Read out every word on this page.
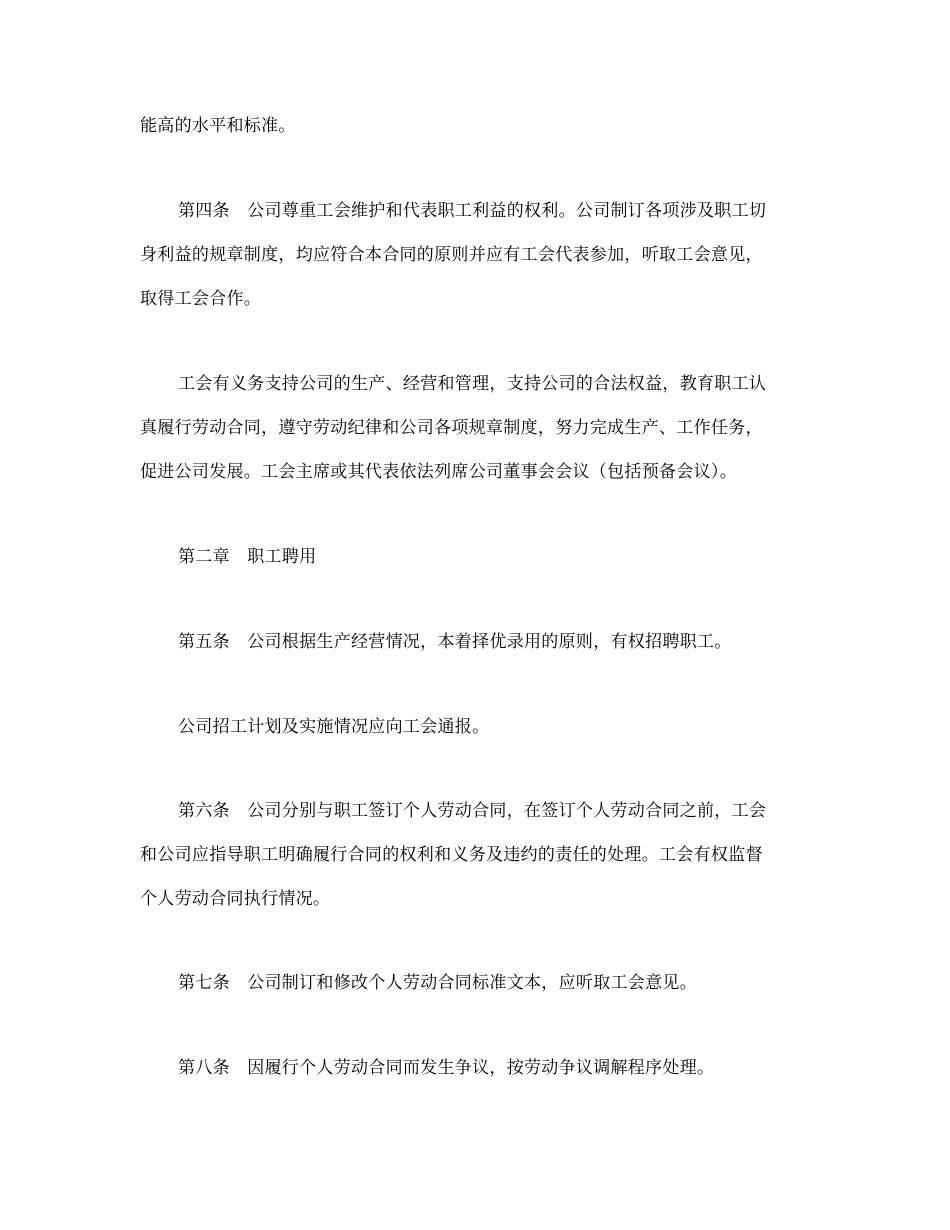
能高的水平和标准。
第四条　公司尊重工会维护和代表职工利益的权利。公司制订各项涉及职工切
身利益的规章制度，均应符合本合同的原则并应有工会代表参加，听取工会意见，
取得工会合作。
工会有义务支持公司的生产、经营和管理，支持公司的合法权益，教育职工认
真履行劳动合同，遵守劳动纪律和公司各项规章制度，努力完成生产、工作任务，
促进公司发展。工会主席或其代表依法列席公司董事会会议（包括预备会议）。
第二章　职工聘用
第五条　公司根据生产经营情况，本着择优录用的原则，有权招聘职工。
公司招工计划及实施情况应向工会通报。
第六条　公司分别与职工签订个人劳动合同，在签订个人劳动合同之前，工会
和公司应指导职工明确履行合同的权利和义务及违约的责任的处理。工会有权监督
个人劳动合同执行情况。
第七条　公司制订和修改个人劳动合同标准文本，应听取工会意见。
第八条　因履行个人劳动合同而发生争议，按劳动争议调解程序处理。
